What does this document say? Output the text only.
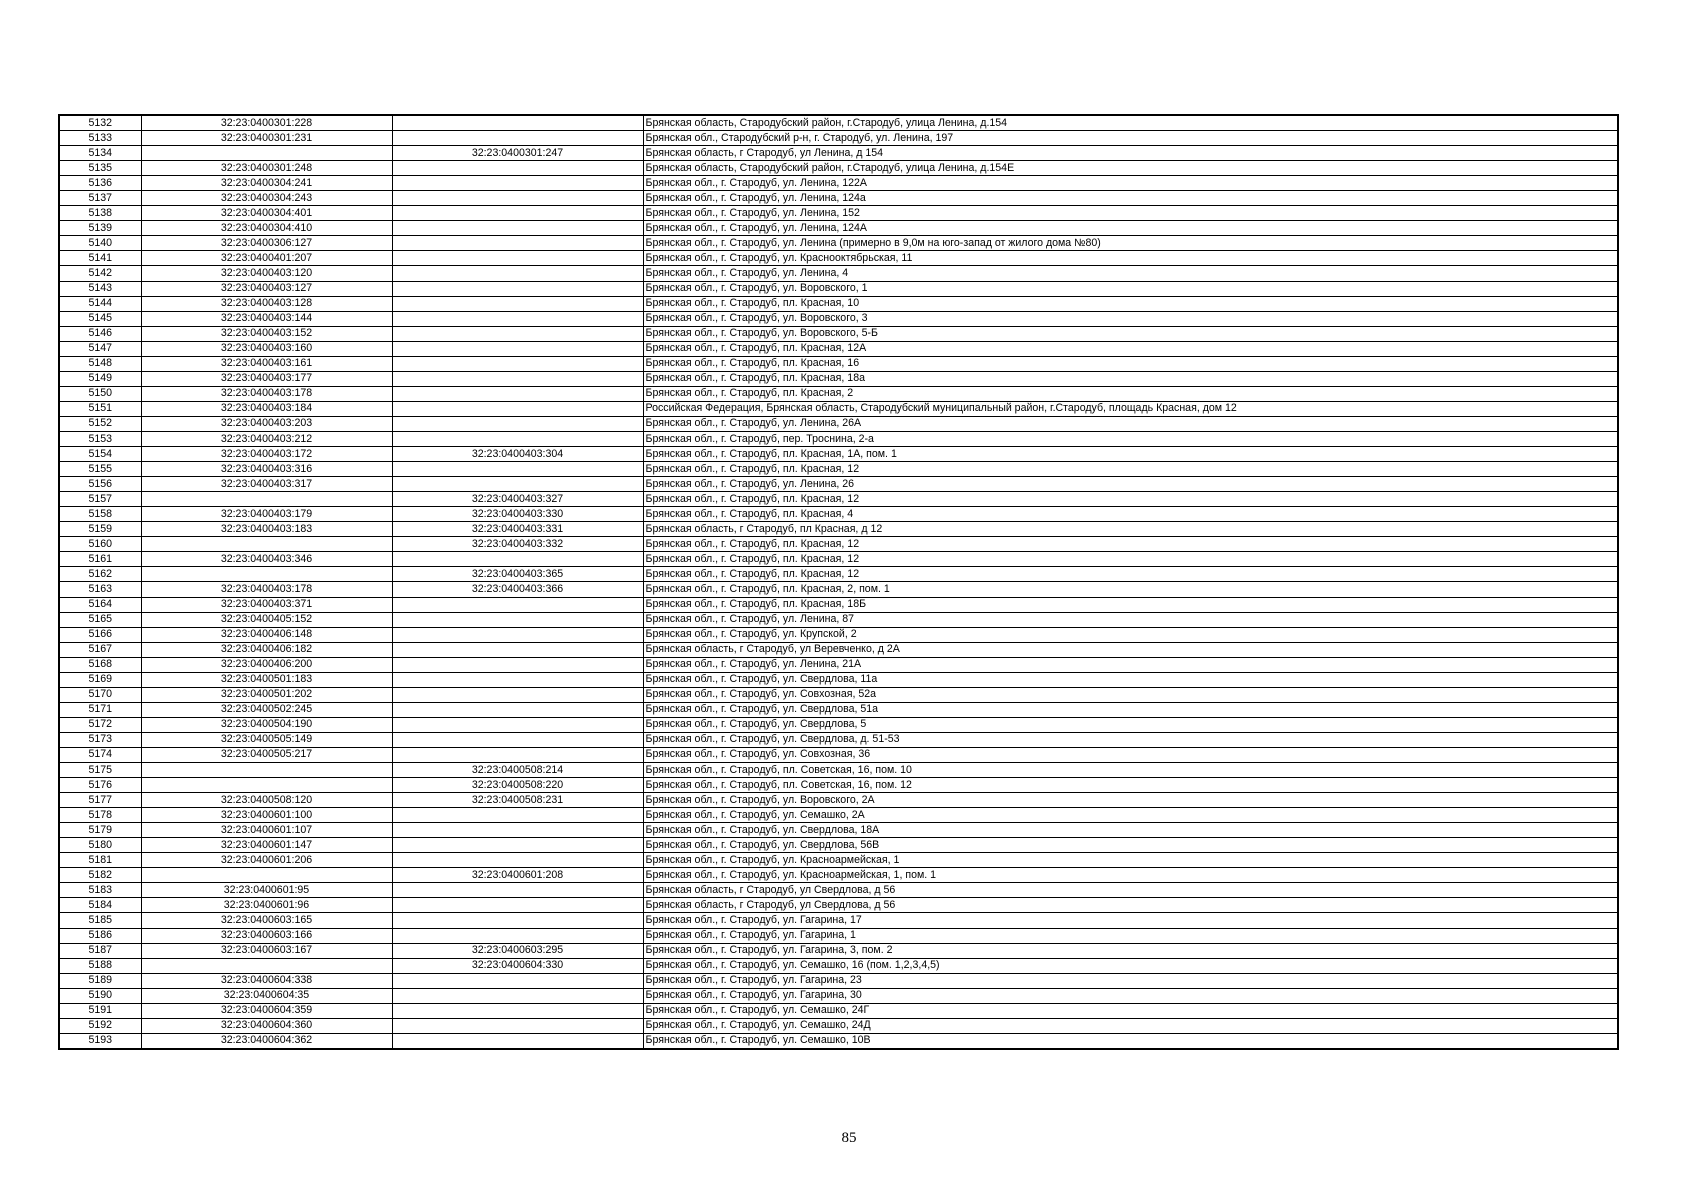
5132	32:23:0400301:228		Брянская область, Стародубский район, г.Стародуб, улица Ленина, д.154
5133	32:23:0400301:231		Брянская обл., Стародубский р-н, г. Стародуб, ул. Ленина, 197
5134		32:23:0400301:247	Брянская область, г Стародуб, ул Ленина, д 154
5135	32:23:0400301:248		Брянская область, Стародубский район, г.Стародуб, улица Ленина, д.154Е
5136	32:23:0400304:241		Брянская обл., г. Стародуб, ул. Ленина, 122А
5137	32:23:0400304:243		Брянская обл., г. Стародуб, ул. Ленина, 124а
5138	32:23:0400304:401		Брянская обл., г. Стародуб, ул. Ленина, 152
5139	32:23:0400304:410		Брянская обл., г. Стародуб, ул. Ленина, 124А
5140	32:23:0400306:127		Брянская обл., г. Стародуб, ул. Ленина (примерно в 9,0м на юго-запад от жилого дома №80)
5141	32:23:0400401:207		Брянская обл., г. Стародуб, ул. Краснооктябрьская, 11
5142	32:23:0400403:120		Брянская обл., г. Стародуб, ул. Ленина, 4
5143	32:23:0400403:127		Брянская обл., г. Стародуб, ул. Воровского, 1
5144	32:23:0400403:128		Брянская обл., г. Стародуб, пл. Красная, 10
5145	32:23:0400403:144		Брянская обл., г. Стародуб, ул. Воровского, 3
5146	32:23:0400403:152		Брянская обл., г. Стародуб, ул. Воровского, 5-Б
5147	32:23:0400403:160		Брянская обл., г. Стародуб, пл. Красная, 12А
5148	32:23:0400403:161		Брянская обл., г. Стародуб, пл. Красная, 16
5149	32:23:0400403:177		Брянская обл., г. Стародуб, пл. Красная, 18а
5150	32:23:0400403:178		Брянская обл., г. Стародуб, пл. Красная, 2
5151	32:23:0400403:184		Российская Федерация, Брянская область, Стародубский муниципальный район, г.Стародуб, площадь Красная, дом 12
5152	32:23:0400403:203		Брянская обл., г. Стародуб, ул. Ленина, 26А
5153	32:23:0400403:212		Брянская обл., г. Стародуб, пер. Троснина, 2-а
5154	32:23:0400403:172	32:23:0400403:304	Брянская обл., г. Стародуб, пл. Красная, 1А, пом. 1
5155	32:23:0400403:316		Брянская обл., г. Стародуб, пл. Красная, 12
5156	32:23:0400403:317		Брянская обл., г. Стародуб, ул. Ленина, 26
5157		32:23:0400403:327	Брянская обл., г. Стародуб, пл. Красная, 12
5158	32:23:0400403:179	32:23:0400403:330	Брянская обл., г. Стародуб, пл. Красная, 4
5159	32:23:0400403:183	32:23:0400403:331	Брянская область, г Стародуб, пл Красная, д 12
5160		32:23:0400403:332	Брянская обл., г. Стародуб, пл. Красная, 12
5161	32:23:0400403:346		Брянская обл., г. Стародуб, пл. Красная, 12
5162		32:23:0400403:365	Брянская обл., г. Стародуб, пл. Красная, 12
5163	32:23:0400403:178	32:23:0400403:366	Брянская обл., г. Стародуб, пл. Красная, 2, пом. 1
5164	32:23:0400403:371		Брянская обл., г. Стародуб, пл. Красная, 18Б
5165	32:23:0400405:152		Брянская обл., г. Стародуб, ул. Ленина, 87
5166	32:23:0400406:148		Брянская обл., г. Стародуб, ул. Крупской, 2
5167	32:23:0400406:182		Брянская область, г Стародуб, ул Веревченко, д 2А
5168	32:23:0400406:200		Брянская обл., г. Стародуб, ул. Ленина, 21А
5169	32:23:0400501:183		Брянская обл., г. Стародуб, ул. Свердлова, 11а
5170	32:23:0400501:202		Брянская обл., г. Стародуб, ул. Совхозная, 52а
5171	32:23:0400502:245		Брянская обл., г. Стародуб, ул. Свердлова, 51а
5172	32:23:0400504:190		Брянская обл., г. Стародуб, ул. Свердлова, 5
5173	32:23:0400505:149		Брянская обл., г. Стародуб, ул. Свердлова, д. 51-53
5174	32:23:0400505:217		Брянская обл., г. Стародуб, ул. Совхозная, 36
5175		32:23:0400508:214	Брянская обл., г. Стародуб, пл. Советская, 16, пом. 10
5176		32:23:0400508:220	Брянская обл., г. Стародуб, пл. Советская, 16, пом. 12
5177	32:23:0400508:120	32:23:0400508:231	Брянская обл., г. Стародуб, ул. Воровского, 2А
5178	32:23:0400601:100		Брянская обл., г. Стародуб, ул. Семашко, 2А
5179	32:23:0400601:107		Брянская обл., г. Стародуб, ул. Свердлова, 18А
5180	32:23:0400601:147		Брянская обл., г. Стародуб, ул. Свердлова, 56В
5181	32:23:0400601:206		Брянская обл., г. Стародуб, ул. Красноармейская, 1
5182		32:23:0400601:208	Брянская обл., г. Стародуб, ул. Красноармейская, 1, пом. 1
5183	32:23:0400601:95		Брянская область, г Стародуб, ул Свердлова, д 56
5184	32:23:0400601:96		Брянская область, г Стародуб, ул Свердлова, д 56
5185	32:23:0400603:165		Брянская обл., г. Стародуб, ул. Гагарина, 17
5186	32:23:0400603:166		Брянская обл., г. Стародуб, ул. Гагарина, 1
5187	32:23:0400603:167	32:23:0400603:295	Брянская обл., г. Стародуб, ул. Гагарина, 3, пом. 2
5188		32:23:0400604:330	Брянская обл., г. Стародуб, ул. Семашко, 16 (пом. 1,2,3,4,5)
5189	32:23:0400604:338		Брянская обл., г. Стародуб, ул. Гагарина, 23
5190	32:23:0400604:35		Брянская обл., г. Стародуб, ул. Гагарина, 30
5191	32:23:0400604:359		Брянская обл., г. Стародуб, ул. Семашко, 24Г
5192	32:23:0400604:360		Брянская обл., г. Стародуб, ул. Семашко, 24Д
5193	32:23:0400604:362		Брянская обл., г. Стародуб, ул. Семашко, 10В
85
